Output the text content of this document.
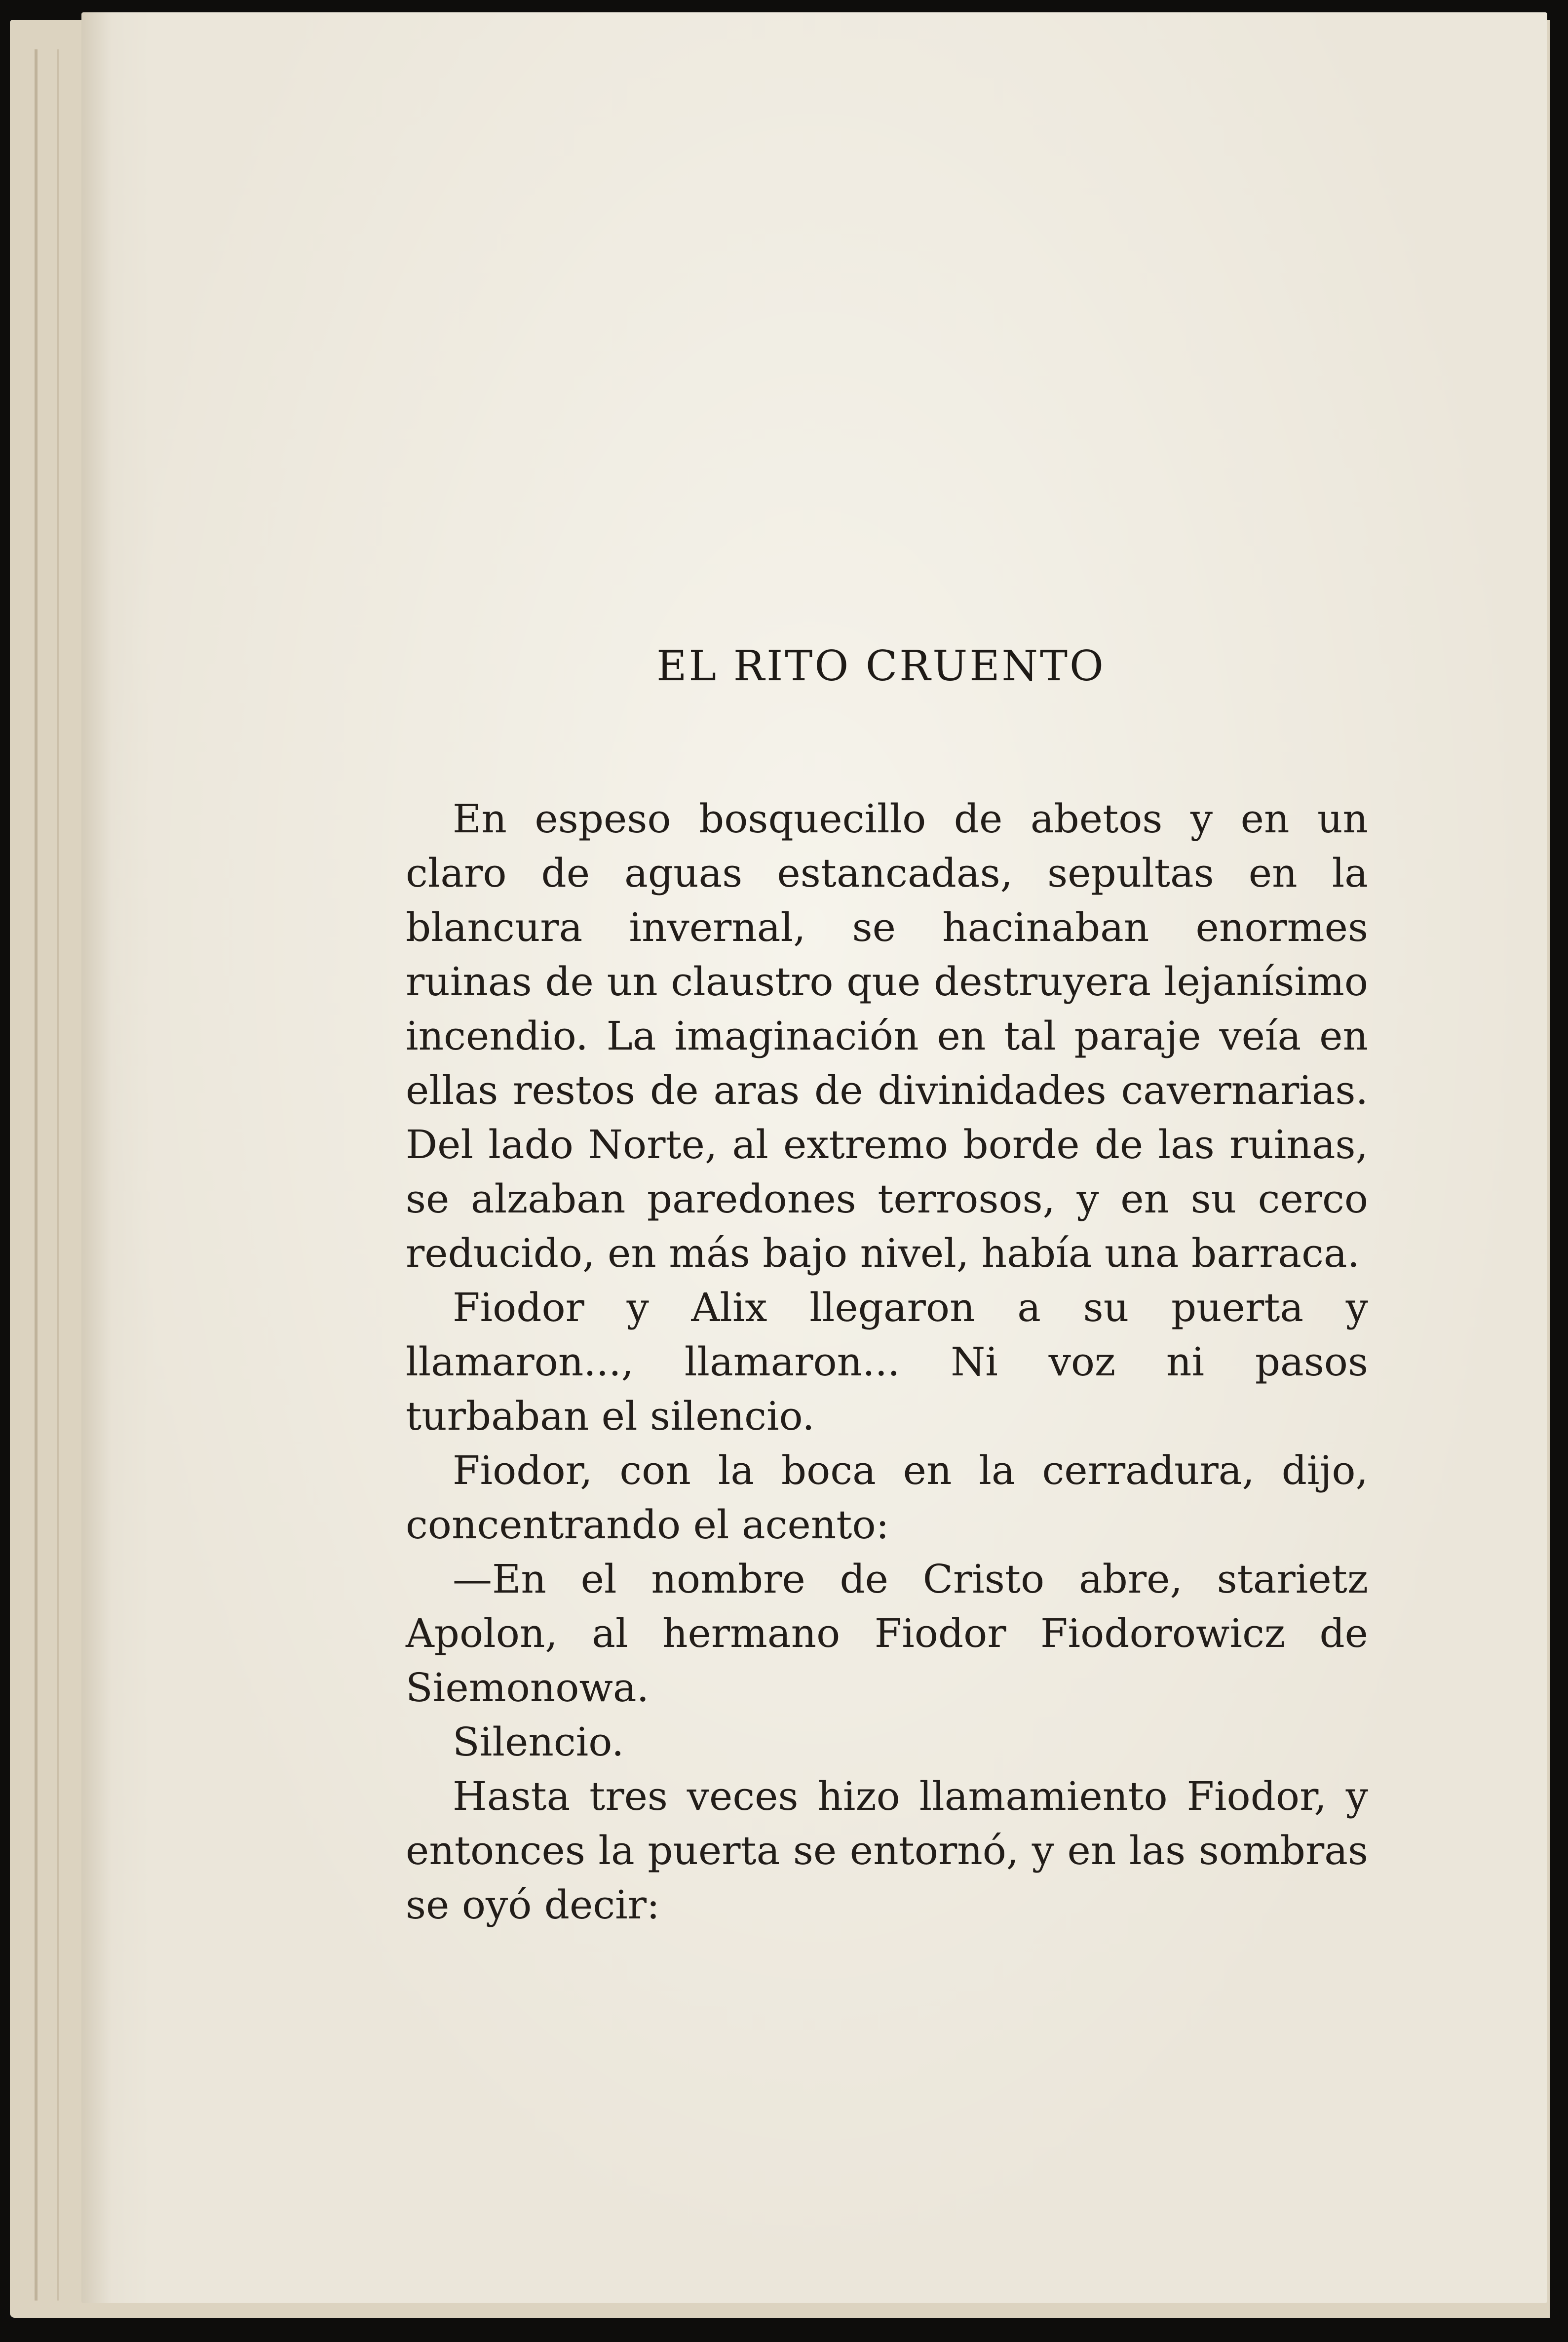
EL RITO CRUENTO

En espeso bosquecillo de abetos y en un claro de aguas estancadas, sepultas en la blancura invernal, se hacinaban enormes ruinas de un claustro que destruyera lejanísimo incendio. La imaginación en tal paraje veía en ellas restos de aras de divinidades cavernarias. Del lado Norte, al extremo borde de las ruinas, se alzaban paredones terrosos, y en su cerco reducido, en más bajo nivel, había una barraca.

Fiodor y Alix llegaron a su puerta y llamaron..., llamaron... Ni voz ni pasos turbaban el silencio.

Fiodor, con la boca en la cerradura, dijo, concentrando el acento:

—En el nombre de Cristo abre, starietz Apolon, al hermano Fiodor Fiodorowicz de Siemonowa.

Silencio.

Hasta tres veces hizo llamamiento Fiodor, y entonces la puerta se entornó, y en las sombras se oyó decir:
